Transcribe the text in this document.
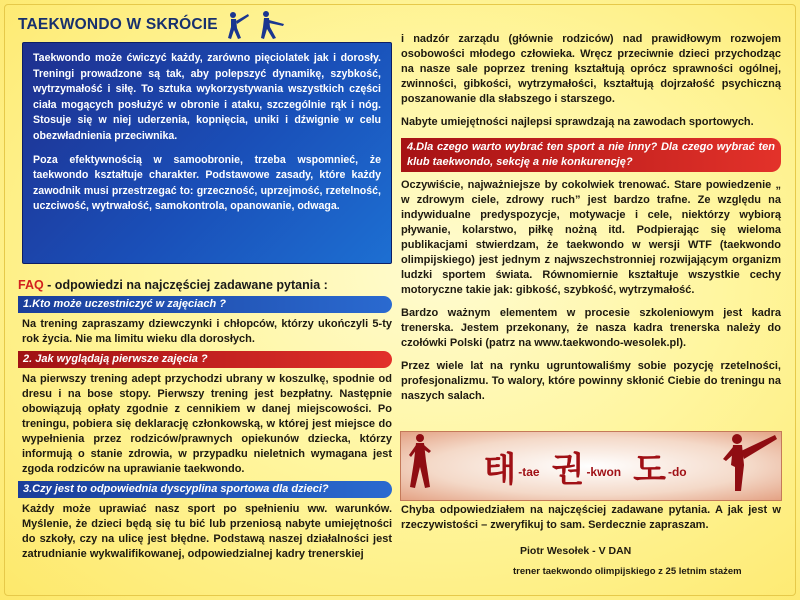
TAEKWONDO W SKRÓCIE

Taekwondo może ćwiczyć każdy, zarówno pięciolatek jak i dorosły. Treningi prowadzone są tak, aby polepszyć dynamikę, szybkość, wytrzymałość i siłę. To sztuka wykorzystywania wszystkich części ciała mogących posłużyć w obronie i ataku, szczególnie rąk i nóg. Stosuje się w niej uderzenia, kopnięcia, uniki i dźwignie w celu obezwładnienia przeciwnika.

Poza efektywnością w samoobronie, trzeba wspomnieć, że taekwondo kształtuje charakter. Podstawowe zasady, które każdy zawodnik musi przestrzegać to: grzeczność, uprzejmość, rzetelność, uczciwość, wytrwałość, samokontrola, opanowanie, odwaga.

FAQ - odpowiedzi na najczęściej zadawane pytania :
1.Kto może uczestniczyć w zajęciach ?

Na trening zapraszamy dziewczynki i chłopców, którzy ukończyli 5-ty rok życia. Nie ma limitu wieku dla dorosłych.

2. Jak wyglądają pierwsze zajęcia ?

Na pierwszy trening adept przychodzi ubrany w koszulkę, spodnie od dresu i na bose stopy. Pierwszy trening jest bezpłatny. Następnie obowiązują opłaty zgodnie z cennikiem w danej miejscowości. Po treningu, pobiera się deklarację członkowską, w której jest miejsce do wypełnienia przez rodziców/prawnych opiekunów dziecka, którzy informują o stanie zdrowia, w przypadku nieletnich wymagana jest zgoda rodziców na uprawianie taekwondo.

3.Czy jest to odpowiednia dyscyplina sportowa dla dzieci?

Każdy może uprawiać nasz sport po spełnieniu ww. warunków. Myślenie, że dzieci będą się tu bić lub przeniosą nabyte umiejętności do szkoły, czy na ulicę jest błędne. Podstawą naszej działalności jest zatrudnianie wykwalifikowanej, odpowiedzialnej kadry trenerskiej

i nadzór zarządu (głównie rodziców) nad prawidłowym rozwojem osobowości młodego człowieka. Wręcz przeciwnie dzieci przychodząc na nasze sale poprzez trening kształtują oprócz sprawności ogólnej, zwinności, gibkości, wytrzymałości, kształtują dojrzałość psychiczną poszanowanie dla słabszego i starszego.

Nabyte umiejętności najlepsi sprawdzają na zawodach sportowych.

4.Dla czego warto wybrać ten sport a nie inny? Dla czego wybrać ten klub taekwondo, sekcję a nie konkurencję?

Oczywiście, najważniejsze by cokolwiek trenować. Stare powiedzenie „ w zdrowym ciele, zdrowy ruch” jest bardzo trafne. Ze względu na indywidualne predyspozycje, motywacje i cele, niektórzy wybiorą pływanie, kolarstwo, piłkę nożną itd. Podpierając się wieloma publikacjami stwierdzam, że taekwondo w wersji WTF (taekwondo olimpijskiego) jest jednym z najwszechstronniej rozwijającym organizm ludzki sportem świata. Równomiernie kształtuje wszystkie cechy motoryczne takie jak: gibkość, szybkość, wytrzymałość.

Bardzo ważnym elementem w procesie szkoleniowym jest kadra trenerska. Jestem przekonany, że nasza kadra trenerska należy do czołówki Polski (patrz na www.taekwondo-wesolek.pl).

Przez wiele lat na rynku ugruntowaliśmy sobie pozycję rzetelności, profesjonalizmu. To walory, które powinny skłonić Ciebie do treningu na naszych salach.

태 -tae 권 -kwon 도 -do

Chyba odpowiedziałem na najczęściej zadawane pytania. A jak jest w rzeczywistości – zweryfikuj to sam. Serdecznie zapraszam.

Piotr Wesołek - V DAN
trener taekwondo olimpijskiego z 25 letnim stażem
